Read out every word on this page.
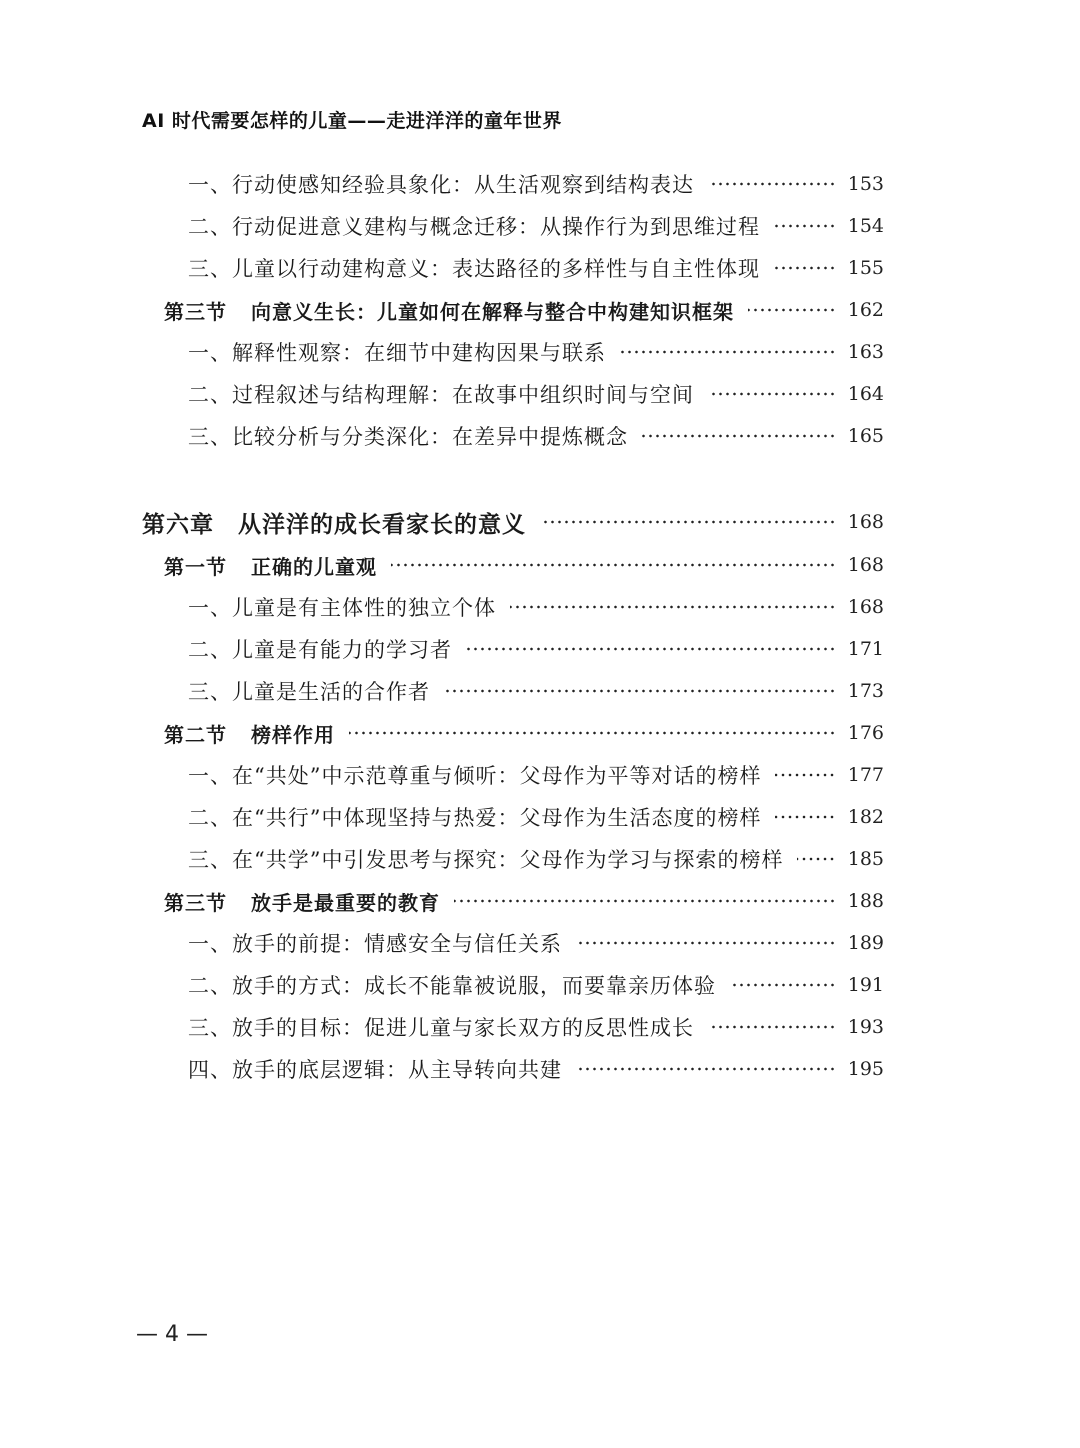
AI 时代需要怎样的儿童——走进洋洋的童年世界
一、行动使感知经验具象化：从生活观察到结构表达	153
二、行动促进意义建构与概念迁移：从操作行为到思维过程	154
三、儿童以行动建构意义：表达路径的多样性与自主性体现	155
第三节 向意义生长：儿童如何在解释与整合中构建知识框架	162
一、解释性观察：在细节中建构因果与联系	163
二、过程叙述与结构理解：在故事中组织时间与空间	164
三、比较分析与分类深化：在差异中提炼概念	165
第六章 从洋洋的成长看家长的意义	168
第一节 正确的儿童观	168
一、儿童是有主体性的独立个体	168
二、儿童是有能力的学习者	171
三、儿童是生活的合作者	173
第二节 榜样作用	176
一、在“共处”中示范尊重与倾听：父母作为平等对话的榜样	177
二、在“共行”中体现坚持与热爱：父母作为生活态度的榜样	182
三、在“共学”中引发思考与探究：父母作为学习与探索的榜样	185
第三节 放手是最重要的教育	188
一、放手的前提：情感安全与信任关系	189
二、放手的方式：成长不能靠被说服，而要靠亲历体验	191
三、放手的目标：促进儿童与家长双方的反思性成长	193
四、放手的底层逻辑：从主导转向共建	195
— 4 —
